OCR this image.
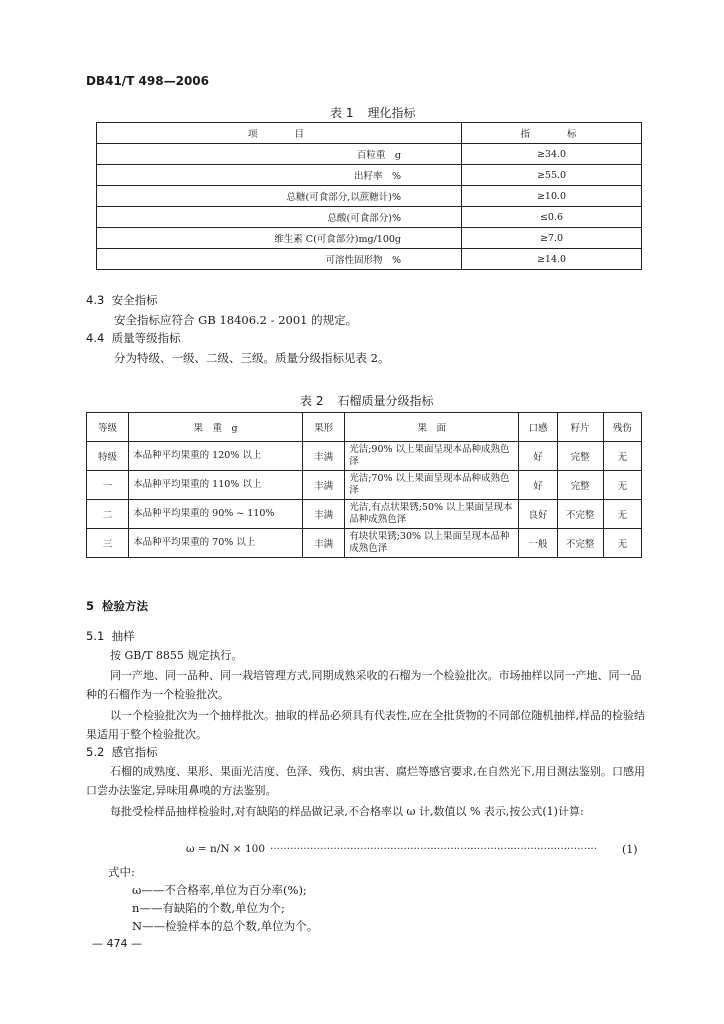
DB41/T 498—2006
表 1 理化指标
项　　目	指　　标
百粒重　g	≥34.0
出籽率　%	≥55.0
总糖(可食部分,以蔗糖计)%	≥10.0
总酸(可食部分)%	≤0.6
维生素 C(可食部分)mg/100g	≥7.0
可溶性固形物　%	≥14.0
4.3 安全指标
安全指标应符合 GB 18406.2 - 2001 的规定。
4.4 质量等级指标
分为特级、一级、二级、三级。质量分级指标见表 2。
表 2 石榴质量分级指标
等级	果　重　g	果形	果　面	口感	籽片	残伤
特级	本品种平均果重的 120% 以上	丰满	光洁;90% 以上果面呈现本品种成熟色泽	好	完整	无
一	本品种平均果重的 110% 以上	丰满	光洁;70% 以上果面呈现本品种成熟色泽	好	完整	无
二	本品种平均果重的 90% ~ 110%	丰满	光洁,有点状果锈;50% 以上果面呈现本品种成熟色泽	良好	不完整	无
三	本品种平均果重的 70% 以上	丰满	有块状果锈;30% 以上果面呈现本品种成熟色泽	一般	不完整	无
5 检验方法
5.1 抽样
按 GB/T 8855 规定执行。
同一产地、同一品种、同一栽培管理方式,同期成熟采收的石榴为一个检验批次。市场抽样以同一产地、同一品种的石榴作为一个检验批次。
以一个检验批次为一个抽样批次。抽取的样品必须具有代表性,应在全批货物的不同部位随机抽样,样品的检验结果适用于整个检验批次。
5.2 感官指标
石榴的成熟度、果形、果面光洁度、色泽、残伤、病虫害、腐烂等感官要求,在自然光下,用目测法鉴别。口感用口尝办法鉴定,异味用鼻嗅的方法鉴别。
每批受检样品抽样检验时,对有缺陷的样品做记录,不合格率以 ω 计,数值以 % 表示,按公式(1)计算:
ω = n/N × 100 ··································································································	(1)
式中:
ω——不合格率,单位为百分率(%);
n——有缺陷的个数,单位为个;
N——检验样本的总个数,单位为个。
— 474 —
